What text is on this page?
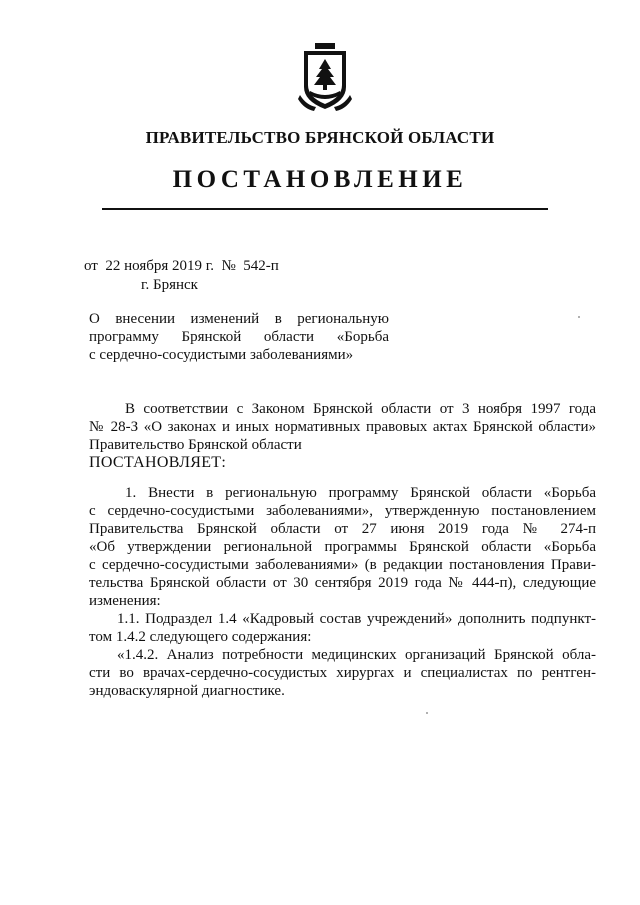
ПРАВИТЕЛЬСТВО БРЯНСКОЙ ОБЛАСТИ
ПОСТАНОВЛЕНИЕ
от  22 ноября 2019 г.  №  542-п
г. Брянск
О внесении изменений в региональную
программу Брянской области «Борьба
с сердечно-сосудистыми заболеваниями»
В соответствии с Законом Брянской области от 3 ноября 1997 года
№ 28-З «О законах и иных нормативных правовых актах Брянской области»
Правительство Брянской области
ПОСТАНОВЛЯЕТ:
1. Внести в региональную программу Брянской области «Борьба
с сердечно-сосудистыми заболеваниями», утвержденную постановлением
Правительства Брянской области от 27 июня 2019 года № 274-п
«Об утверждении региональной программы Брянской области «Борьба
с сердечно-сосудистыми заболеваниями» (в редакции постановления Прави-
тельства Брянской области от 30 сентября 2019 года № 444-п), следующие
изменения:
1.1. Подраздел 1.4 «Кадровый состав учреждений» дополнить подпункт-
том 1.4.2 следующего содержания:
«1.4.2. Анализ потребности медицинских организаций Брянской обла-
сти во врачах-сердечно-сосудистых хирургах и специалистах по рентген-
эндоваскулярной диагностике.
